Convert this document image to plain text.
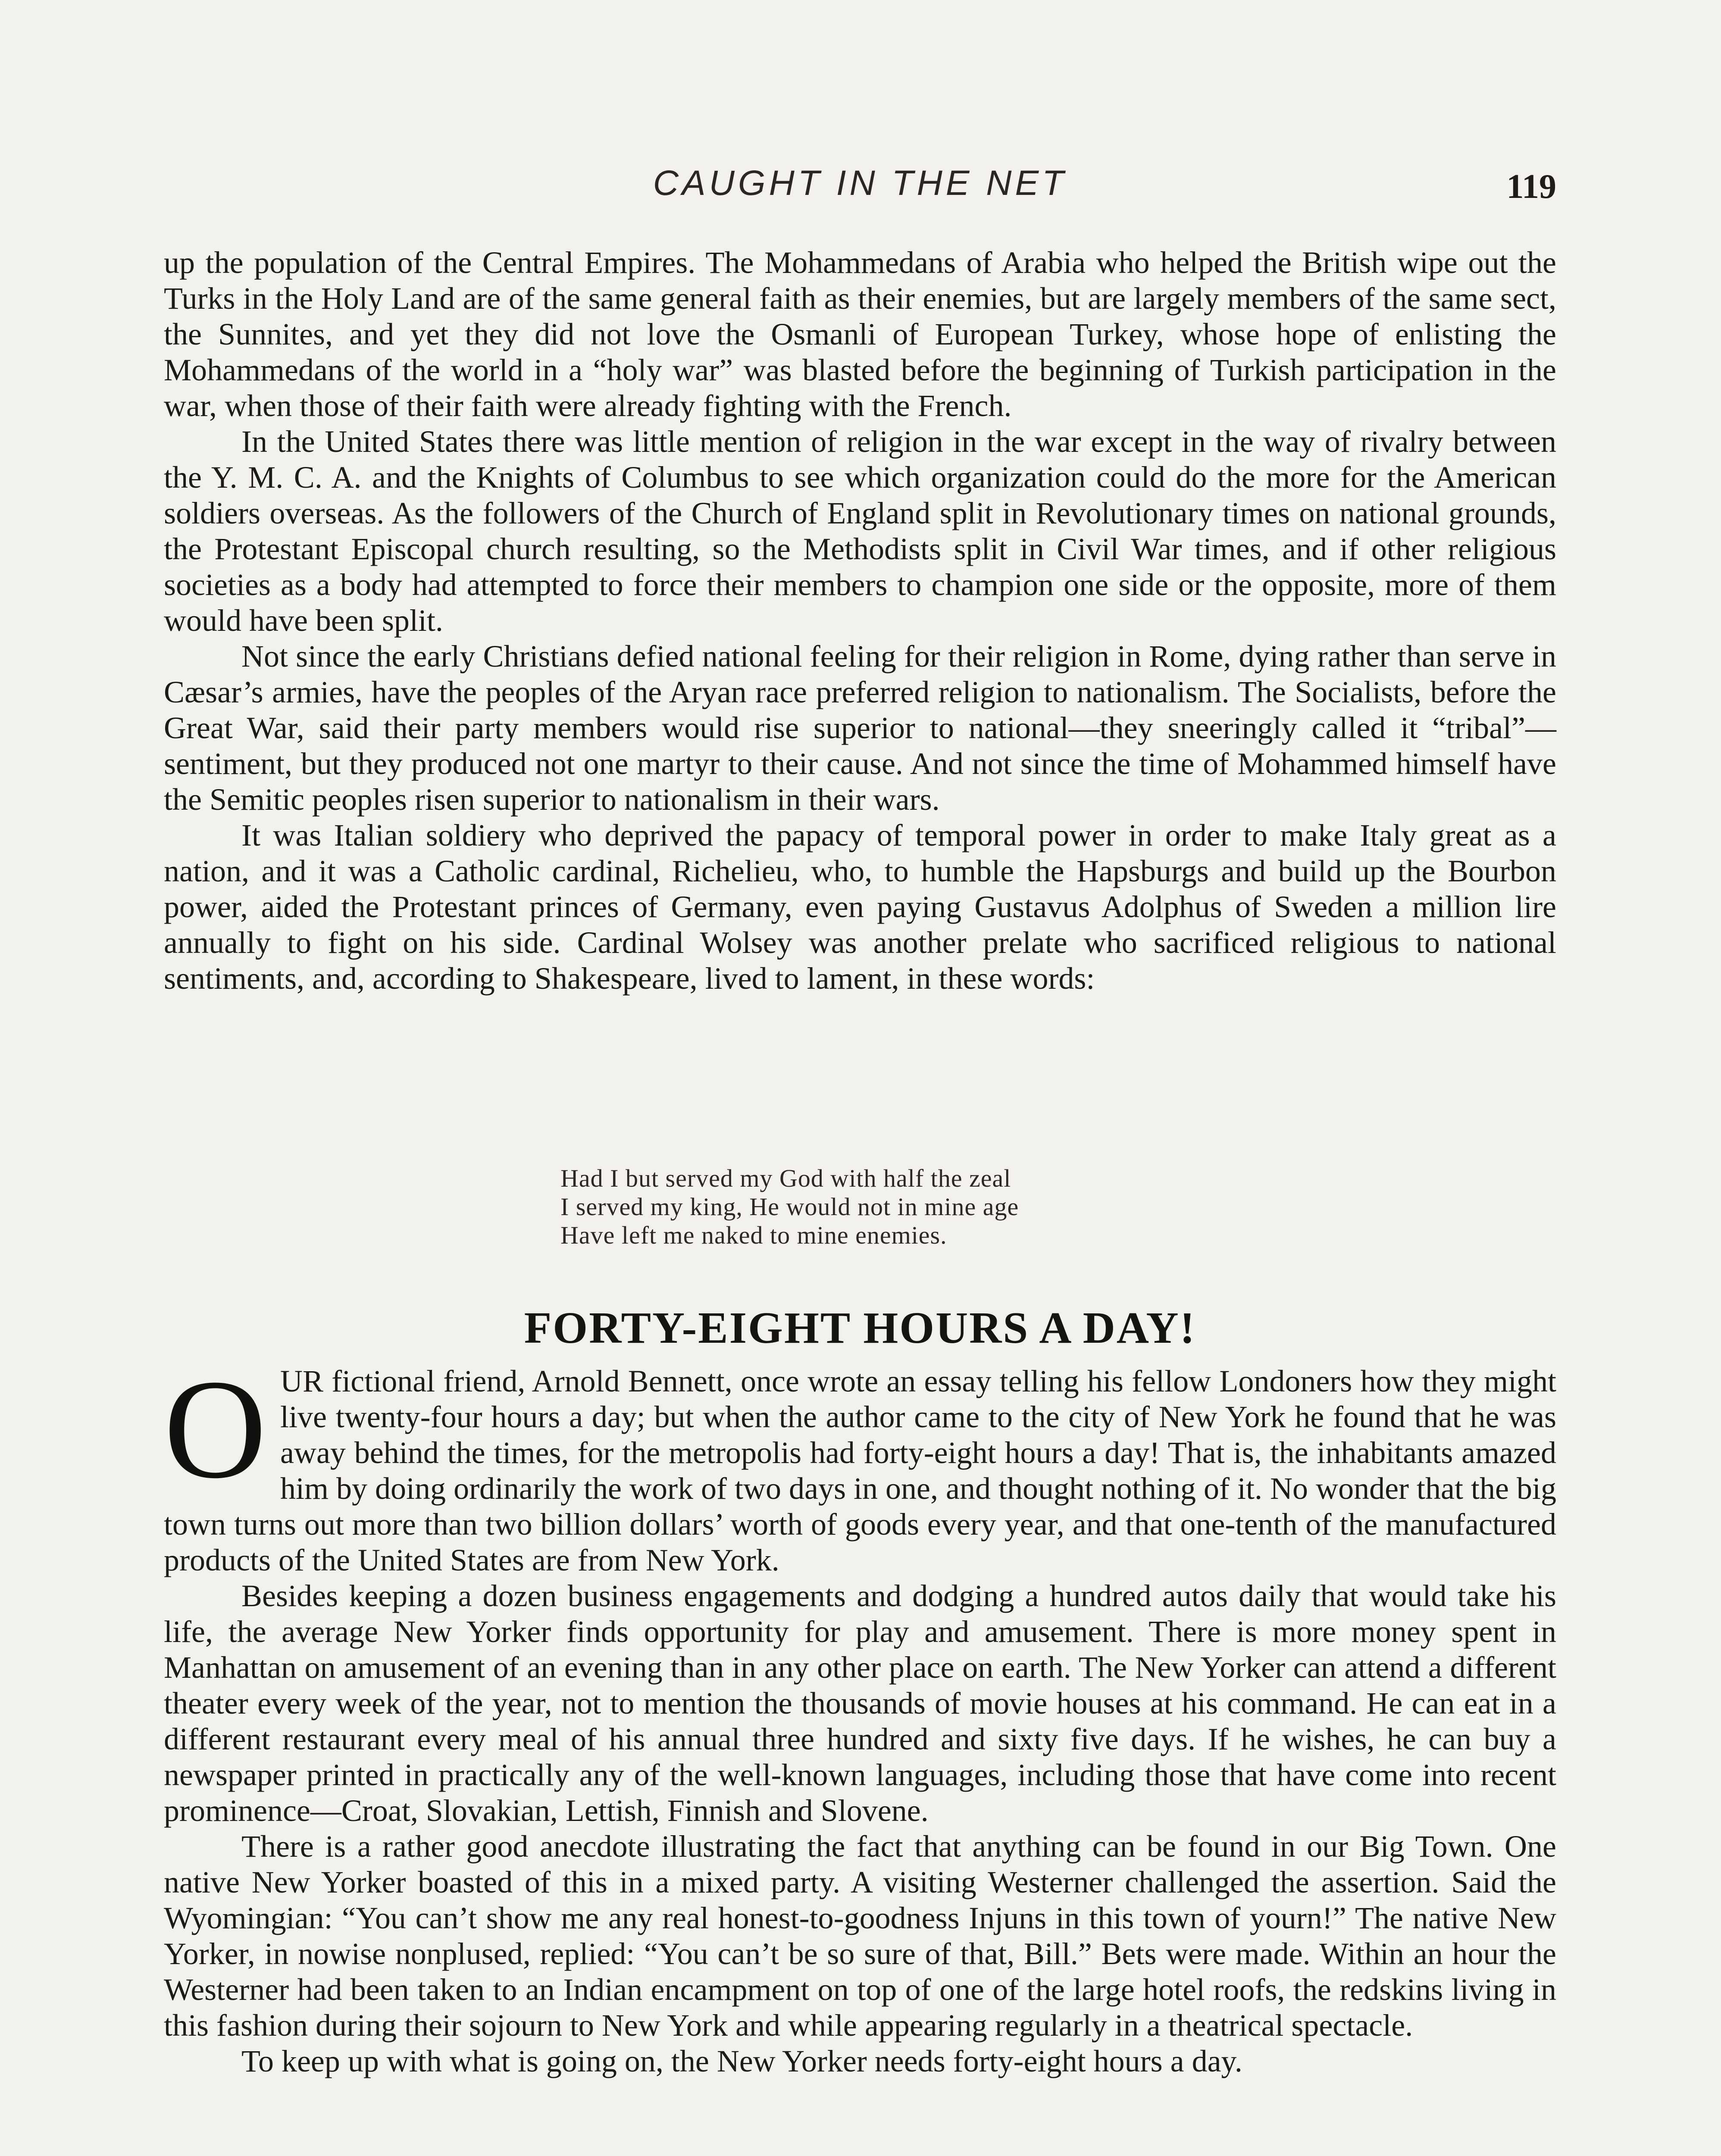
CAUGHT IN THE NET	119

up the population of the Central Empires. The Mohammedans of Arabia who helped the British wipe out the Turks in the Holy Land are of the same general faith as their enemies, but are largely members of the same sect, the Sunnites, and yet they did not love the Osmanli of European Turkey, whose hope of enlisting the Mohammedans of the world in a “holy war” was blasted before the beginning of Turkish participation in the war, when those of their faith were already fighting with the French.

In the United States there was little mention of religion in the war except in the way of rivalry between the Y. M. C. A. and the Knights of Columbus to see which organization could do the more for the American soldiers overseas. As the followers of the Church of England split in Revolutionary times on national grounds, the Protestant Episcopal church resulting, so the Methodists split in Civil War times, and if other religious societies as a body had attempted to force their members to champion one side or the opposite, more of them would have been split.

Not since the early Christians defied national feeling for their religion in Rome, dying rather than serve in Cæsar’s armies, have the peoples of the Aryan race preferred religion to nationalism. The Socialists, before the Great War, said their party members would rise superior to national—they sneeringly called it “tribal”—sentiment, but they produced not one martyr to their cause. And not since the time of Mohammed himself have the Semitic peoples risen superior to nationalism in their wars.

It was Italian soldiery who deprived the papacy of temporal power in order to make Italy great as a nation, and it was a Catholic cardinal, Richelieu, who, to humble the Hapsburgs and build up the Bourbon power, aided the Protestant princes of Germany, even paying Gustavus Adolphus of Sweden a million lire annually to fight on his side. Cardinal Wolsey was another prelate who sacrificed religious to national sentiments, and, according to Shakespeare, lived to lament, in these words:

Had I but served my God with half the zeal
I served my king, He would not in mine age
Have left me naked to mine enemies.
FORTY-EIGHT HOURS A DAY!

OUR fictional friend, Arnold Bennett, once wrote an essay telling his fellow Londoners how they might live twenty-four hours a day; but when the author came to the city of New York he found that he was away behind the times, for the metropolis had forty-eight hours a day! That is, the inhabitants amazed him by doing ordinarily the work of two days in one, and thought nothing of it. No wonder that the big town turns out more than two billion dollars’ worth of goods every year, and that one-tenth of the manufactured products of the United States are from New York.

Besides keeping a dozen business engagements and dodging a hundred autos daily that would take his life, the average New Yorker finds opportunity for play and amusement. There is more money spent in Manhattan on amusement of an evening than in any other place on earth. The New Yorker can attend a different theater every week of the year, not to mention the thousands of movie houses at his command. He can eat in a different restaurant every meal of his annual three hundred and sixty five days. If he wishes, he can buy a newspaper printed in practically any of the well-known languages, including those that have come into recent prominence—Croat, Slovakian, Lettish, Finnish and Slovene.

There is a rather good anecdote illustrating the fact that anything can be found in our Big Town. One native New Yorker boasted of this in a mixed party. A visiting Westerner challenged the assertion. Said the Wyomingian: “You can’t show me any real honest-to-goodness Injuns in this town of yourn!” The native New Yorker, in nowise nonplused, replied: “You can’t be so sure of that, Bill.” Bets were made. Within an hour the Westerner had been taken to an Indian encampment on top of one of the large hotel roofs, the redskins living in this fashion during their sojourn to New York and while appearing regularly in a theatrical spectacle.

To keep up with what is going on, the New Yorker needs forty-eight hours a day.
